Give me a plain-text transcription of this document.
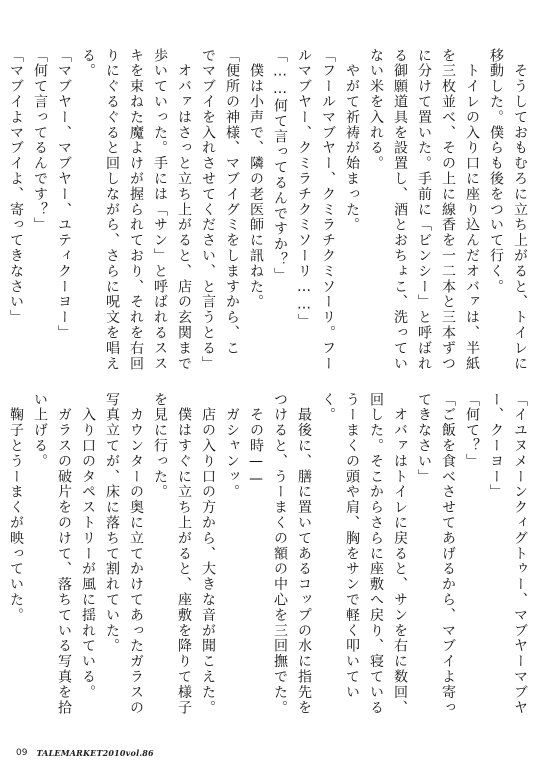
　そうしておもむろに立ち上がると、トイレに

移動した。僕らも後をついて行く。

　トイレの入り口に座り込んだオバァは、半紙

を三枚並べ、その上に線香を一二本と三本ずつ

に分けて置いた。手前に「ビンシー」と呼ばれ

る御願道具を設置し、酒とおちょこ、洗ってい

ない米を入れる。

　やがて祈祷が始まった。

「フールマブヤー、クミラチクミソーリ。フー

ルマブヤー、クミラチクミソーリ……」

「……何て言ってるんですか？」

　僕は小声で、隣の老医師に訊ねた。

「便所の神様、マブイグミをしますから、こ

でマブイを入れさせてください、と言うとる」

　オバァはさっと立ち上がると、店の玄関まで

歩いていった。手には「サン」と呼ばれるスス

キを束ねた魔よけが握られており、それを右回

りにぐるぐると回しながら、さらに呪文を唱え

る。

「マブヤー、マブヤー、ユティクーヨー」

「何て言ってるんです？」

「マブイよマブイよ、寄ってきなさい」

「イユヌメーンクィグトゥー、マブヤーマブヤ

ー、クーヨー」

「何て？」

「ご飯を食べさせてあげるから、マブイよ寄っ

てきなさい」

　オバァはトイレに戻ると、サンを右に数回、

回した。そこからさらに座敷へ戻り、寝ている

うーまくの頭や肩、胸をサンで軽く叩いてい

く。

　最後に、膳に置いてあるコップの水に指先を

つけると、うーまくの額の中心を三回撫でた。

　その時——

　ガシャンッ。

　店の入り口の方から、大きな音が聞こえた。

　僕はすぐに立ち上がると、座敷を降りて様子

を見に行った。

　カウンターの奥に立てかけてあったガラスの

写真立てが、床に落ちて割れていた。

　入り口のタペストリーが風に揺れている。

　ガラスの破片をのけて、落ちている写真を拾

い上げる。

　鞠子とうーまくが映っていた。

09 TALEMARKET2010vol.86
